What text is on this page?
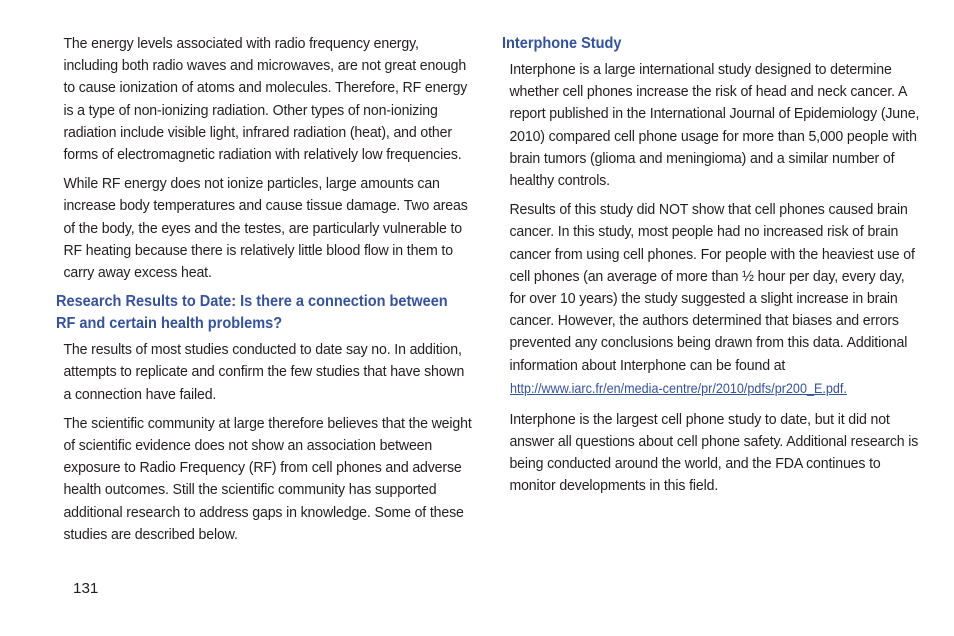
The energy levels associated with radio frequency energy, including both radio waves and microwaves, are not great enough to cause ionization of atoms and molecules. Therefore, RF energy is a type of non-ionizing radiation. Other types of non-ionizing radiation include visible light, infrared radiation (heat), and other forms of electromagnetic radiation with relatively low frequencies.

While RF energy does not ionize particles, large amounts can increase body temperatures and cause tissue damage. Two areas of the body, the eyes and the testes, are particularly vulnerable to RF heating because there is relatively little blood flow in them to carry away excess heat.

Research Results to Date: Is there a connection between RF and certain health problems?

The results of most studies conducted to date say no. In addition, attempts to replicate and confirm the few studies that have shown a connection have failed.

The scientific community at large therefore believes that the weight of scientific evidence does not show an association between exposure to Radio Frequency (RF) from cell phones and adverse health outcomes. Still the scientific community has supported additional research to address gaps in knowledge. Some of these studies are described below.

Interphone Study

Interphone is a large international study designed to determine whether cell phones increase the risk of head and neck cancer. A report published in the International Journal of Epidemiology (June, 2010) compared cell phone usage for more than 5,000 people with brain tumors (glioma and meningioma) and a similar number of healthy controls.

Results of this study did NOT show that cell phones caused brain cancer. In this study, most people had no increased risk of brain cancer from using cell phones. For people with the heaviest use of cell phones (an average of more than ½ hour per day, every day, for over 10 years) the study suggested a slight increase in brain cancer. However, the authors determined that biases and errors prevented any conclusions being drawn from this data. Additional information about Interphone can be found at

http://www.iarc.fr/en/media-centre/pr/2010/pdfs/pr200_E.pdf.

Interphone is the largest cell phone study to date, but it did not answer all questions about cell phone safety. Additional research is being conducted around the world, and the FDA continues to monitor developments in this field.

131
